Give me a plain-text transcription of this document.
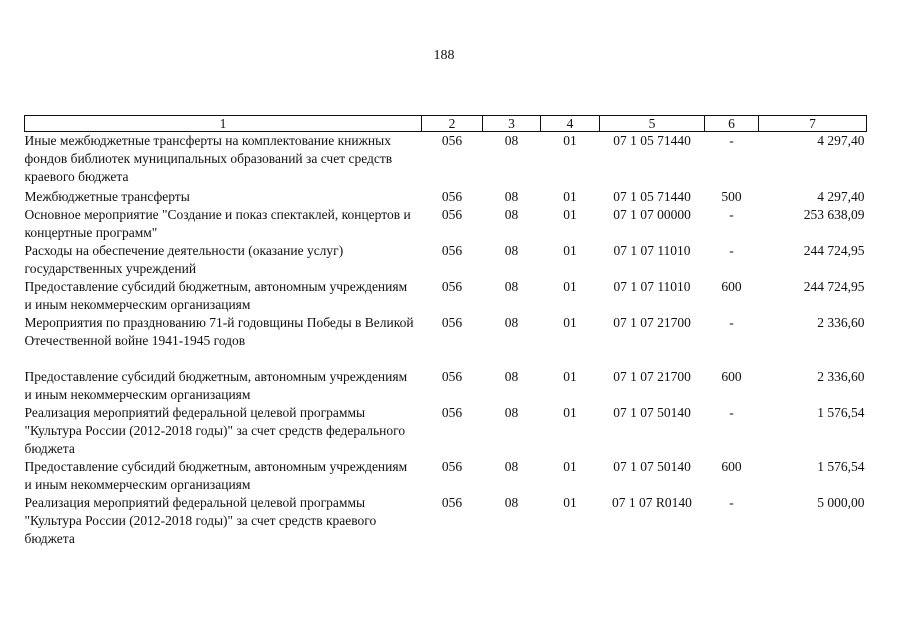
188
1	2	3	4	5	6	7
Иные межбюджетные трансферты на комплектование книжных фондов библиотек муниципальных образований за счет средств краевого бюджета	056	08	01	07 1 05 71440	-	4 297,40
Межбюджетные трансферты	056	08	01	07 1 05 71440	500	4 297,40
Основное мероприятие "Создание и показ спектаклей, концертов и концертные программ"	056	08	01	07 1 07 00000	-	253 638,09
Расходы на обеспечение деятельности (оказание услуг) государственных учреждений	056	08	01	07 1 07 11010	-	244 724,95
Предоставление субсидий бюджетным, автономным учреждениям и иным некоммерческим организациям	056	08	01	07 1 07 11010	600	244 724,95
Мероприятия по празднованию 71-й годовщины Победы в Великой Отечественной войне 1941-1945 годов	056	08	01	07 1 07 21700	-	2 336,60
Предоставление субсидий бюджетным, автономным учреждениям и иным некоммерческим организациям	056	08	01	07 1 07 21700	600	2 336,60
Реализация мероприятий федеральной целевой программы "Культура России (2012-2018 годы)" за счет средств федерального бюджета	056	08	01	07 1 07 50140	-	1 576,54
Предоставление субсидий бюджетным, автономным учреждениям и иным некоммерческим организациям	056	08	01	07 1 07 50140	600	1 576,54
Реализация мероприятий федеральной целевой программы "Культура России (2012-2018 годы)" за счет средств краевого бюджета	056	08	01	07 1 07 R0140	-	5 000,00
